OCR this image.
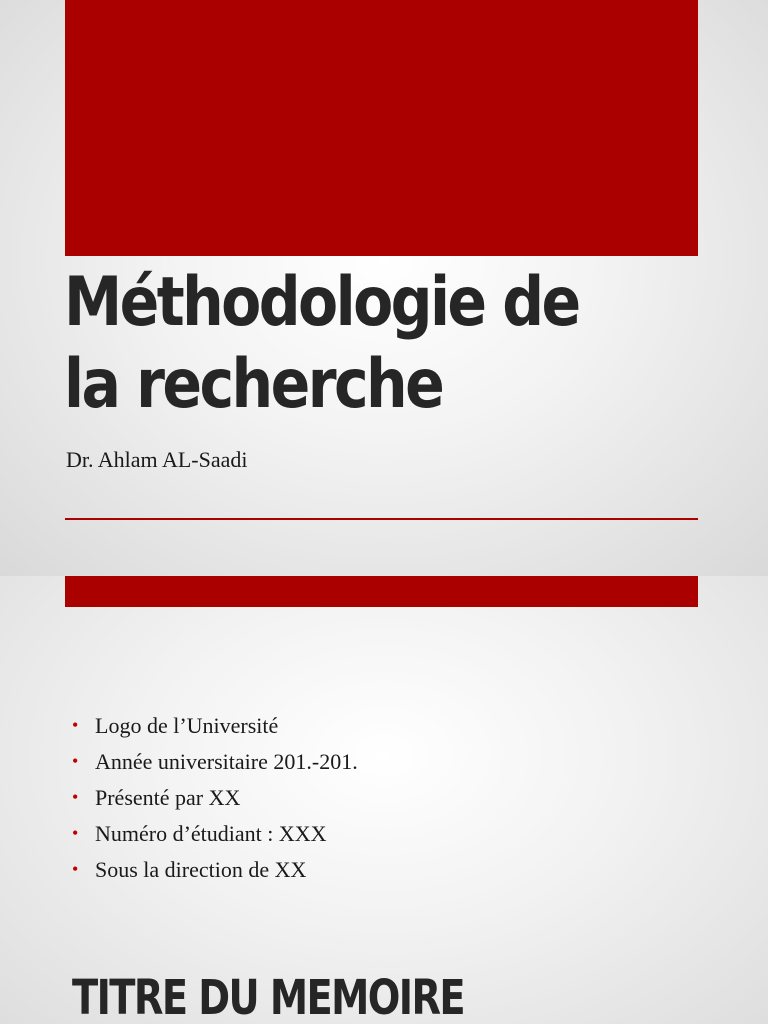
Méthodologie de
la recherche

Dr. Ahlam AL-Saadi

• Logo de l’Université
• Année universitaire 201.-201.
• Présenté par XX
• Numéro d’étudiant : XXX
• Sous la direction de XX
TITRE DU MEMOIRE
